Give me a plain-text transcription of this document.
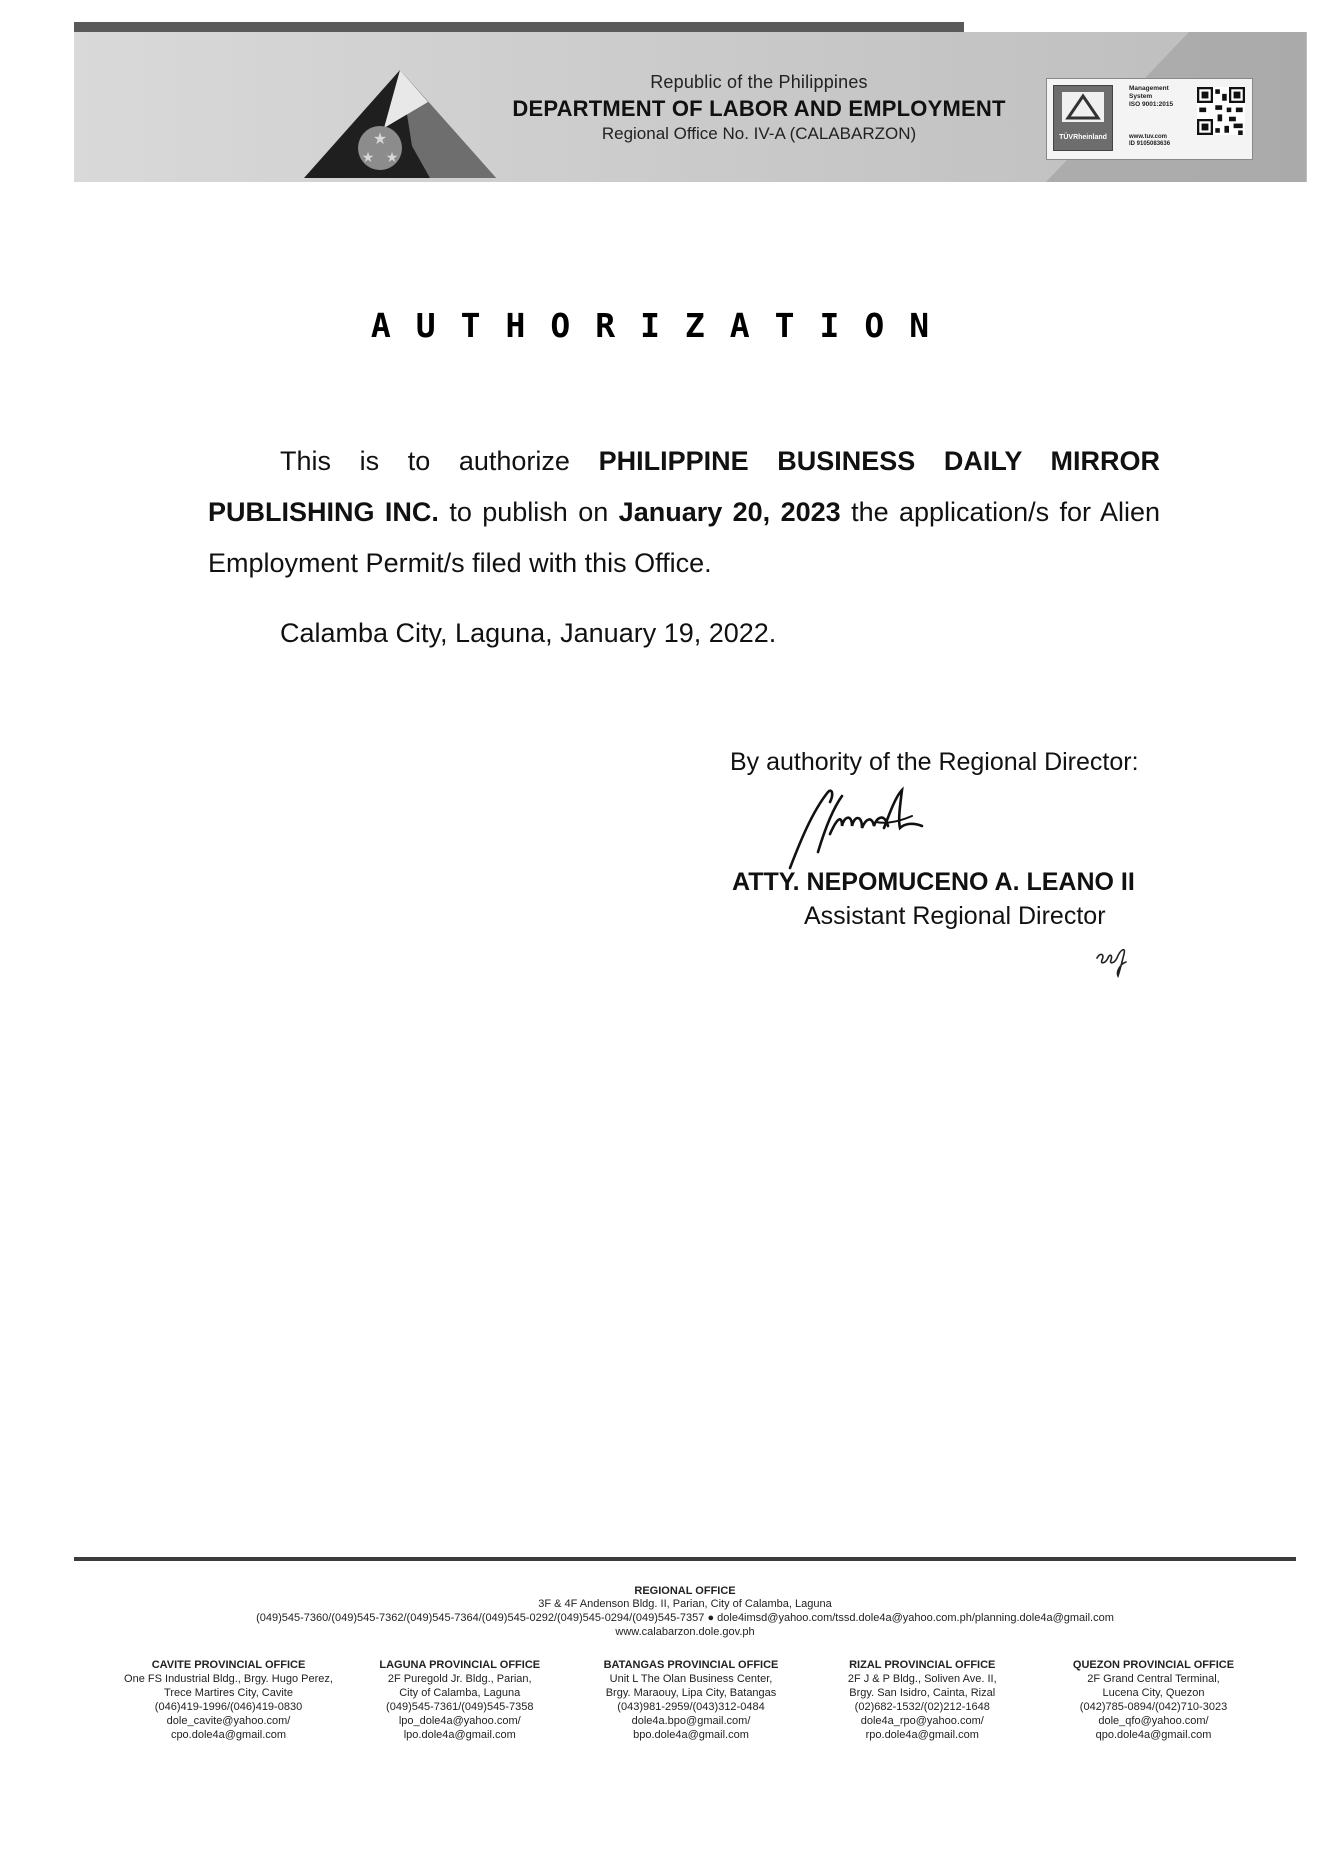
★
★ ★
Republic of the Philippines
DEPARTMENT OF LABOR AND EMPLOYMENT
Regional Office No. IV-A (CALABARZON)	TÜVRheinland
Management
System
ISO 9001:2015
www.tuv.com
ID 9105083636
AUTHORIZATION
This is to authorize PHILIPPINE BUSINESS DAILY MIRROR PUBLISHING INC. to publish on January 20, 2023 the application/s for Alien Employment Permit/s filed with this Office.
Calamba City, Laguna, January 19, 2022.
By authority of the Regional Director:
ATTY. NEPOMUCENO A. LEANO II
Assistant Regional Director
REGIONAL OFFICE
3F & 4F Andenson Bldg. II, Parian, City of Calamba, Laguna
(049)545-7360/(049)545-7362/(049)545-7364/(049)545-0292/(049)545-0294/(049)545-7357 ● dole4imsd@yahoo.com/tssd.dole4a@yahoo.com.ph/planning.dole4a@gmail.com
www.calabarzon.dole.gov.ph
CAVITE PROVINCIAL OFFICE
One FS Industrial Bldg., Brgy. Hugo Perez,
Trece Martires City, Cavite
(046)419-1996/(046)419-0830
dole_cavite@yahoo.com/
cpo.dole4a@gmail.com
LAGUNA PROVINCIAL OFFICE
2F Puregold Jr. Bldg., Parian,
City of Calamba, Laguna
(049)545-7361/(049)545-7358
lpo_dole4a@yahoo.com/
lpo.dole4a@gmail.com
BATANGAS PROVINCIAL OFFICE
Unit L The Olan Business Center,
Brgy. Maraouy, Lipa City, Batangas
(043)981-2959/(043)312-0484
dole4a.bpo@gmail.com/
bpo.dole4a@gmail.com
RIZAL PROVINCIAL OFFICE
2F J & P Bldg., Soliven Ave. II,
Brgy. San Isidro, Cainta, Rizal
(02)682-1532/(02)212-1648
dole4a_rpo@yahoo.com/
rpo.dole4a@gmail.com
QUEZON PROVINCIAL OFFICE
2F Grand Central Terminal,
Lucena City, Quezon
(042)785-0894/(042)710-3023
dole_qfo@yahoo.com/
qpo.dole4a@gmail.com
